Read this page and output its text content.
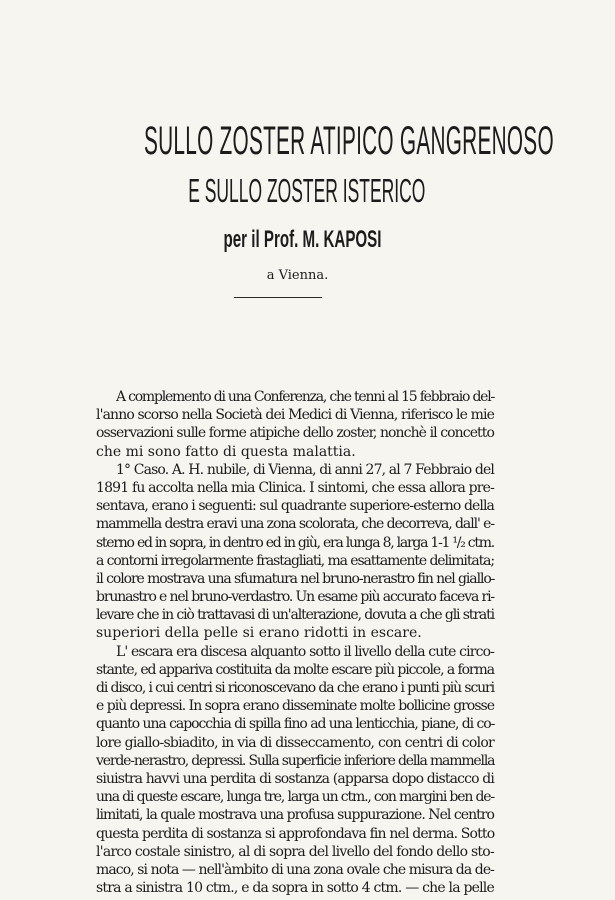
SULLO ZOSTER ATIPICO GANGRENOSO
E SULLO ZOSTER ISTERICO
per il Prof. M. KAPOSI
a Vienna.
A complemento di una Conferenza, che tenni al 15 febbraio del-
l'anno scorso nella Società dei Medici di Vienna, riferisco le mie
osservazioni sulle forme atipiche dello zoster, nonchè il concetto
che mi sono fatto di questa malattia.
1° Caso. A. H. nubile, di Vienna, di anni 27, al 7 Febbraio del
1891 fu accolta nella mia Clinica. I sintomi, che essa allora pre-
sentava, erano i seguenti: sul quadrante superiore-esterno della
mammella destra eravi una zona scolorata, che decorreva, dall' e-
sterno ed in sopra, in dentro ed in giù, era lunga 8, larga 1-1 ¹/₂ ctm.
a contorni irregolarmente frastagliati, ma esattamente delimitata;
il colore mostrava una sfumatura nel bruno-nerastro fin nel giallo-
brunastro e nel bruno-verdastro. Un esame più accurato faceva ri-
levare che in ciò trattavasi di un'alterazione, dovuta a che gli strati
superiori della pelle si erano ridotti in escare.
L' escara era discesa alquanto sotto il livello della cute circo-
stante, ed appariva costituita da molte escare più piccole, a forma
di disco, i cui centri si riconoscevano da che erano i punti più scuri
e più depressi. In sopra erano disseminate molte bollicine grosse
quanto una capocchia di spilla fino ad una lenticchia, piane, di co-
lore giallo-sbiadito, in via di disseccamento, con centri di color
verde-nerastro, depressi. Sulla superficie inferiore della mammella
siuistra havvi una perdita di sostanza (apparsa dopo distacco di
una di queste escare, lunga tre, larga un ctm., con margini ben de-
limitati, la quale mostrava una profusa suppurazione. Nel centro
questa perdita di sostanza si approfondava fin nel derma. Sotto
l'arco costale sinistro, al di sopra del livello del fondo dello sto-
maco, si nota — nell'àmbito di una zona ovale che misura da de-
stra a sinistra 10 ctm., e da sopra in sotto 4 ctm. — che la pelle
